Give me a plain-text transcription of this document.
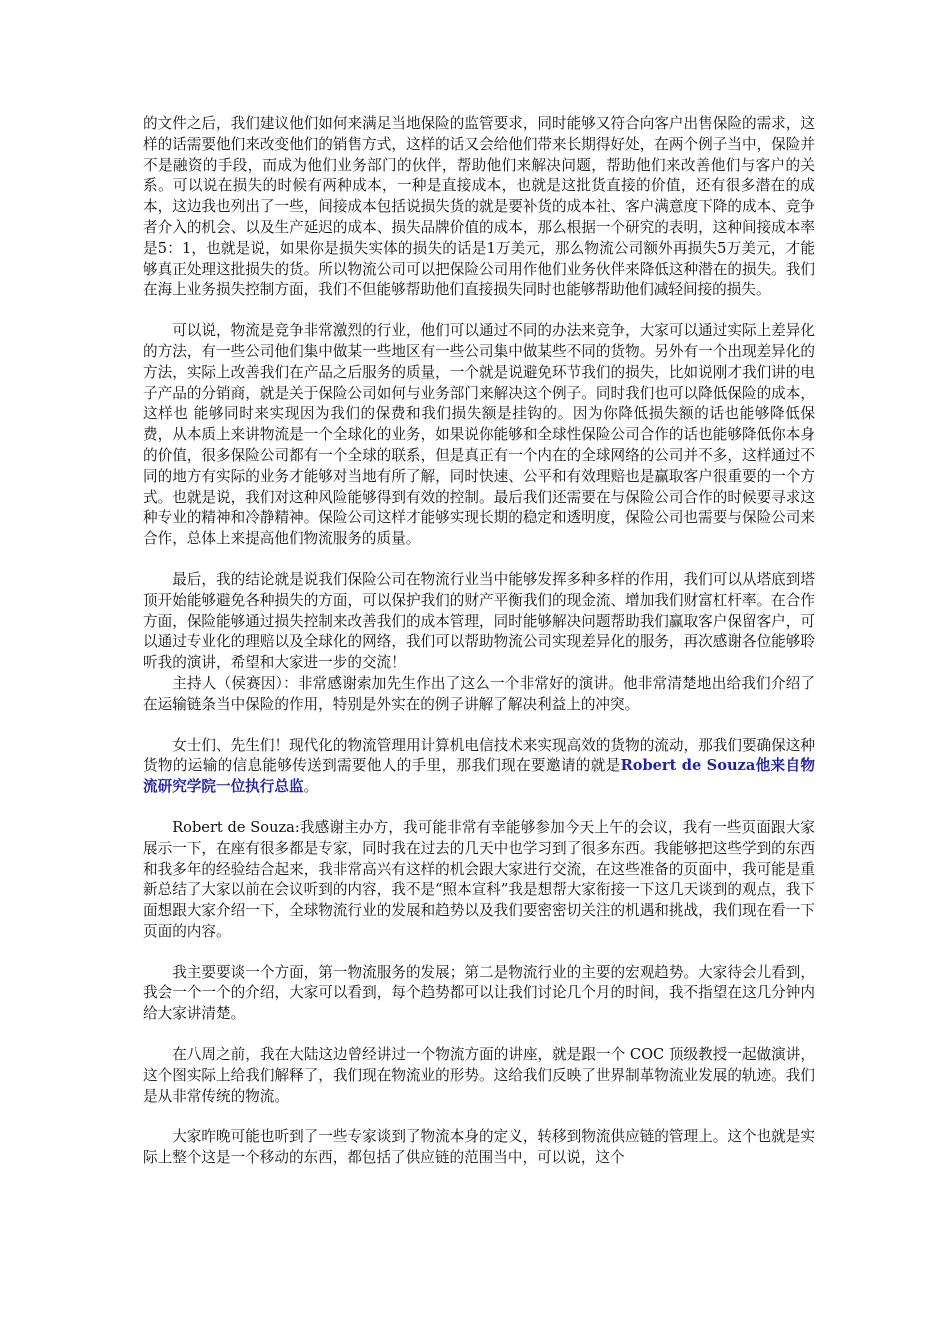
的文件之后，我们建议他们如何来满足当地保险的监管要求，同时能够又符合向客户出售保险的需求，这样的话需要他们来改变他们的销售方式，这样的话又会给他们带来长期得好处，在两个例子当中，保险并不是融资的手段，而成为他们业务部门的伙伴，帮助他们来解决问题，帮助他们来改善他们与客户的关系。可以说在损失的时候有两种成本，一种是直接成本，也就是这批货直接的价值，还有很多潜在的成本，这边我也列出了一些，间接成本包括说损失货的就是要补货的成本社、客户满意度下降的成本、竞争者介入的机会、以及生产延迟的成本、损失品牌价值的成本，那么根据一个研究的表明，这种间接成本率是5：1，也就是说，如果你是损失实体的损失的话是1万美元，那么物流公司额外再损失5万美元，才能够真正处理这批损失的货。所以物流公司可以把保险公司用作他们业务伙伴来降低这种潜在的损失。我们在海上业务损失控制方面，我们不但能够帮助他们直接损失同时也能够帮助他们减轻间接的损失。

可以说，物流是竞争非常激烈的行业，他们可以通过不同的办法来竞争，大家可以通过实际上差异化的方法，有一些公司他们集中做某一些地区有一些公司集中做某些不同的货物。另外有一个出现差异化的方法，实际上改善我们在产品之后服务的质量，一个就是说避免环节我们的损失，比如说刚才我们讲的电子产品的分销商，就是关于保险公司如何与业务部门来解决这个例子。同时我们也可以降低保险的成本，这样也 能够同时来实现因为我们的保费和我们损失额是挂钩的。因为你降低损失额的话也能够降低保费，从本质上来讲物流是一个全球化的业务，如果说你能够和全球性保险公司合作的话也能够降低你本身的价值，很多保险公司都有一个全球的联系，但是真正有一个内在的全球网络的公司并不多，这样通过不同的地方有实际的业务才能够对当地有所了解，同时快速、公平和有效理赔也是赢取客户很重要的一个方式。也就是说，我们对这种风险能够得到有效的控制。最后我们还需要在与保险公司合作的时候要寻求这种专业的精神和冷静精神。保险公司这样才能够实现长期的稳定和透明度，保险公司也需要与保险公司来合作，总体上来提高他们物流服务的质量。

最后，我的结论就是说我们保险公司在物流行业当中能够发挥多种多样的作用，我们可以从塔底到塔顶开始能够避免各种损失的方面，可以保护我们的财产平衡我们的现金流、增加我们财富杠杆率。在合作方面，保险能够通过损失控制来改善我们的成本管理，同时能够解决问题帮助我们赢取客户保留客户，可以通过专业化的理赔以及全球化的网络，我们可以帮助物流公司实现差异化的服务，再次感谢各位能够聆听我的演讲，希望和大家进一步的交流！

主持人（侯赛因）：非常感谢索加先生作出了这么一个非常好的演讲。他非常清楚地出给我们介绍了在运输链条当中保险的作用，特别是外实在的例子讲解了解决利益上的冲突。

女士们、先生们！现代化的物流管理用计算机电信技术来实现高效的货物的流动，那我们要确保这种货物的运输的信息能够传送到需要他人的手里，那我们现在要邀请的就是Robert de Souza他来自物流研究学院一位执行总监。

Robert de Souza:我感谢主办方，我可能非常有幸能够参加今天上午的会议，我有一些页面跟大家展示一下，在座有很多都是专家，同时我在过去的几天中也学习到了很多东西。我能够把这些学到的东西和我多年的经验结合起来，我非常高兴有这样的机会跟大家进行交流，在这些准备的页面中，我可能是重新总结了大家以前在会议听到的内容，我不是“照本宣科”我是想帮大家衔接一下这几天谈到的观点，我下面想跟大家介绍一下，全球物流行业的发展和趋势以及我们要密密切关注的机遇和挑战，我们现在看一下页面的内容。

我主要要谈一个方面，第一物流服务的发展；第二是物流行业的主要的宏观趋势。大家待会儿看到，我会一个一个的介绍，大家可以看到，每个趋势都可以让我们讨论几个月的时间，我不指望在这几分钟内给大家讲清楚。

在八周之前，我在大陆这边曾经讲过一个物流方面的讲座，就是跟一个 COC 顶级教授一起做演讲，这个图实际上给我们解释了，我们现在物流业的形势。这给我们反映了世界制革物流业发展的轨迹。我们是从非常传统的物流。

大家昨晚可能也听到了一些专家谈到了物流本身的定义，转移到物流供应链的管理上。这个也就是实际上整个这是一个移动的东西，都包括了供应链的范围当中，可以说，这个
